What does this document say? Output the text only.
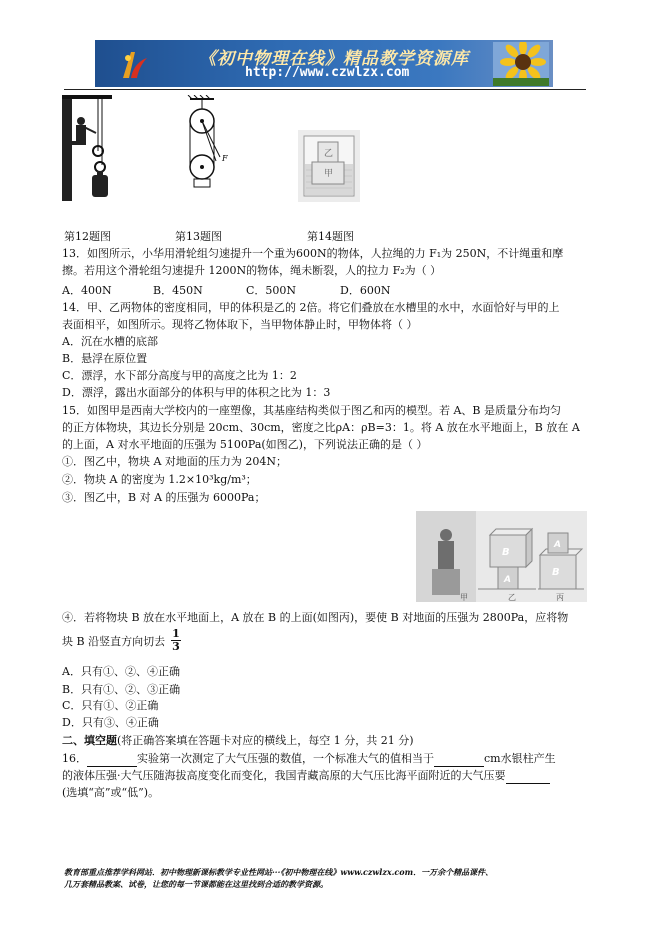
《初中物理在线》精品教学资源库
http://www.czwlzx.com
F	乙
甲
第12题图	第13题图	第14题图
13．如图所示，小华用滑轮组匀速提升一个重为600N的物体，人拉绳的力 F₁为 250N，不计绳重和摩
擦。若用这个滑轮组匀速提升 1200N的物体，绳未断裂，人的拉力 F₂为（ ）
A．400N	B．450N	C．500N	D．600N
14．甲、乙两物体的密度相同，甲的体积是乙的 2倍。将它们叠放在水槽里的水中，水面恰好与甲的上
表面相平，如图所示。现将乙物体取下，当甲物体静止时，甲物体将（ ）
A．沉在水槽的底部
B．悬浮在原位置
C．漂浮，水下部分高度与甲的高度之比为 1：2
D．漂浮，露出水面部分的体积与甲的体积之比为 1：3
15．如图甲是西南大学校内的一座塑像，其基座结构类似于图乙和丙的模型。若 A、B 是质量分布均匀
的正方体物块，其边长分别是 20cm、30cm，密度之比ρA：ρB=3：1。将 A 放在水平地面上，B 放在 A
的上面，A 对水平地面的压强为 5100Pa(如图乙)，下列说法正确的是（ ）
①．图乙中，物块 A 对地面的压力为 204N；
②．物块 A 的密度为 1.2×10³kg/m³；
③．图乙中，B 对 A 的压强为 6000Pa；
B
A
B
A
甲	乙	丙
④．若将物块 B 放在水平地面上，A 放在 B 的上面(如图丙)，要使 B 对地面的压强为 2800Pa，应将物
块 B 沿竖直方向切去
1
3
A．只有①、②、④正确
B．只有①、②、③正确
C．只有①、②正确
D．只有③、④正确
二、填空题(将正确答案填在答题卡对应的横线上，每空 1 分，共 21 分)
16．	实验第一次测定了大气压强的数值，一个标准大气的值相当于	cm水银柱产生
的液体压强·大气压随海拔高度变化而变化，我国青藏高原的大气压比海平面附近的大气压要
(选填“高”或“低”)。
教育部重点推荐学科网站．初中物理新课标教学专业性网站···《初中物理在线》www.czwlzx.com．一万余个精品课件、
几万套精品教案、试卷，让您的每一节课都能在这里找到合适的教学资源。
